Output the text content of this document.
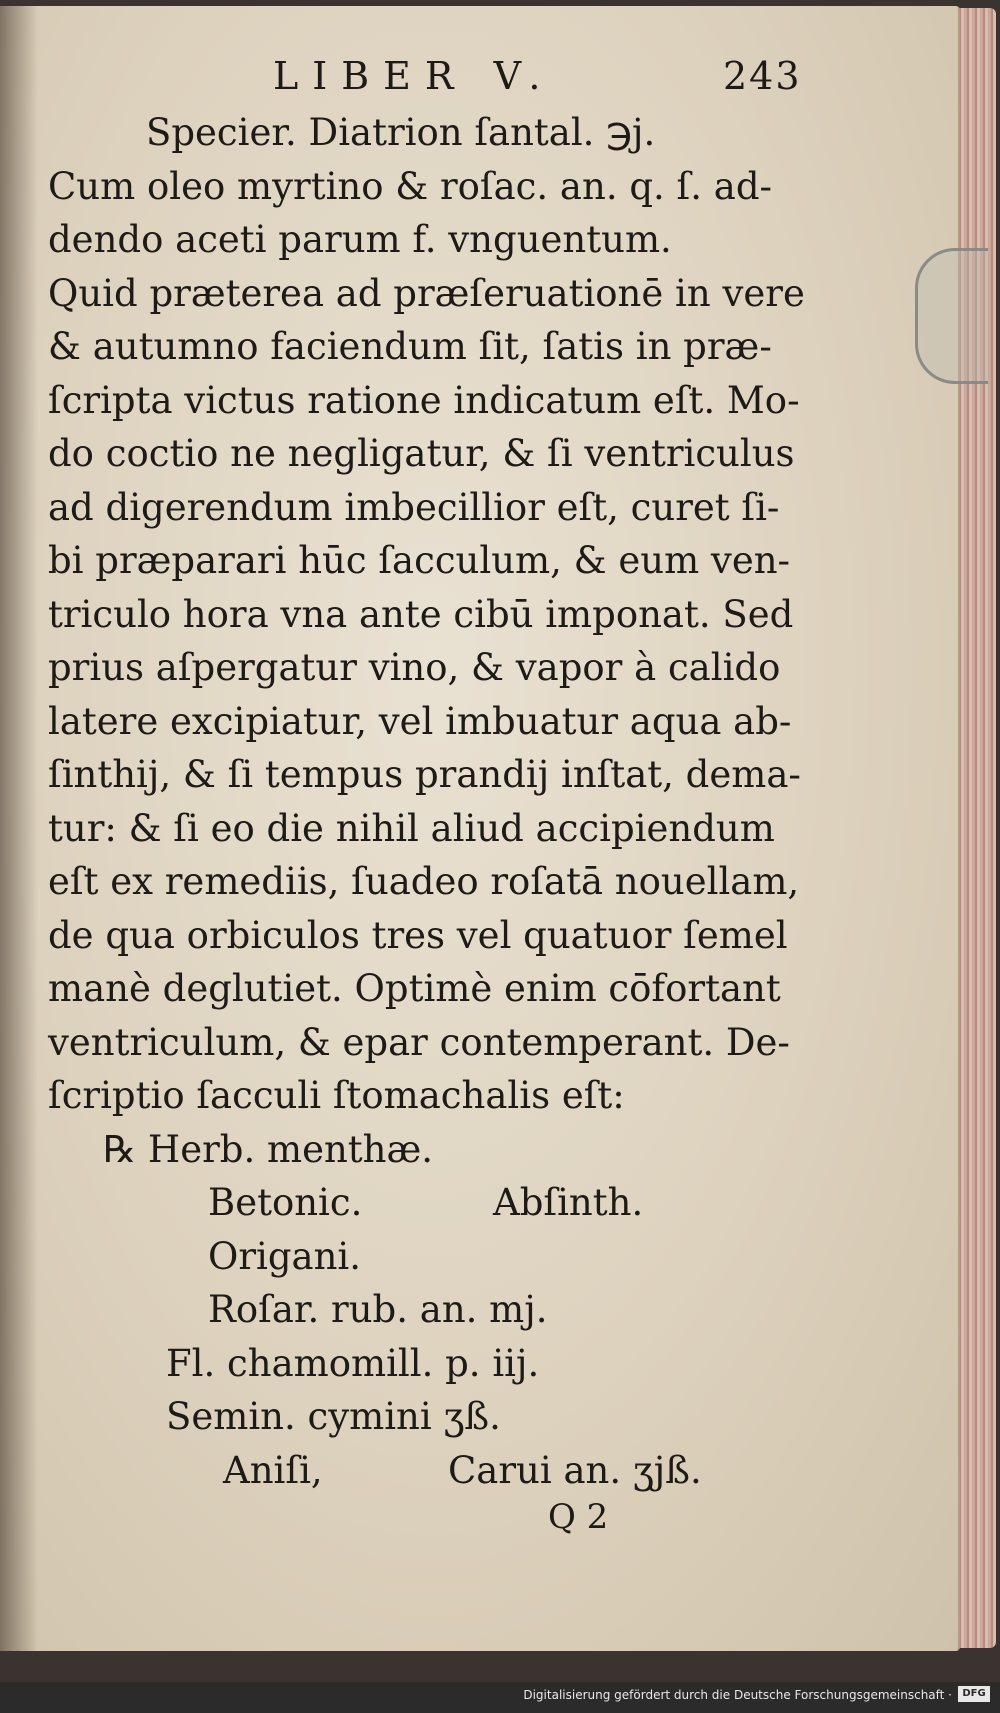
LIBER V.	243
Specier. Diatrion ſantal. ℈j.
Cum oleo myrtino & roſac. an. q. ſ. ad-
dendo aceti parum f. vnguentum.
Quid præterea ad præſeruationē in vere
& autumno faciendum ſit, ſatis in præ-
ſcripta victus ratione indicatum eſt. Mo-
do coctio ne negligatur, & ſi ventriculus
ad digerendum imbecillior eſt, curet ſi-
bi præparari hūc ſacculum, & eum ven-
triculo hora vna ante cibū imponat. Sed
prius aſpergatur vino, & vapor à calido
latere excipiatur, vel imbuatur aqua ab-
ſinthij, & ſi tempus prandij inſtat, dema-
tur: & ſi eo die nihil aliud accipiendum
eſt ex remediis, ſuadeo roſatā nouellam,
de qua orbiculos tres vel quatuor ſemel
manè deglutiet. Optimè enim cōfortant
ventriculum, & epar contemperant. De-
ſcriptio ſacculi ſtomachalis eſt:
℞ Herb. menthæ.
Betonic.	Abſinth.
Origani.
Roſar. rub. an. mj.
Fl. chamomill. p. iij.
Semin. cymini ʒß.
Aniſi,	Carui an. ʒjß.
Q 2
Digitalisierung gefördert durch die Deutsche Forschungsgemeinschaft ·	DFG
